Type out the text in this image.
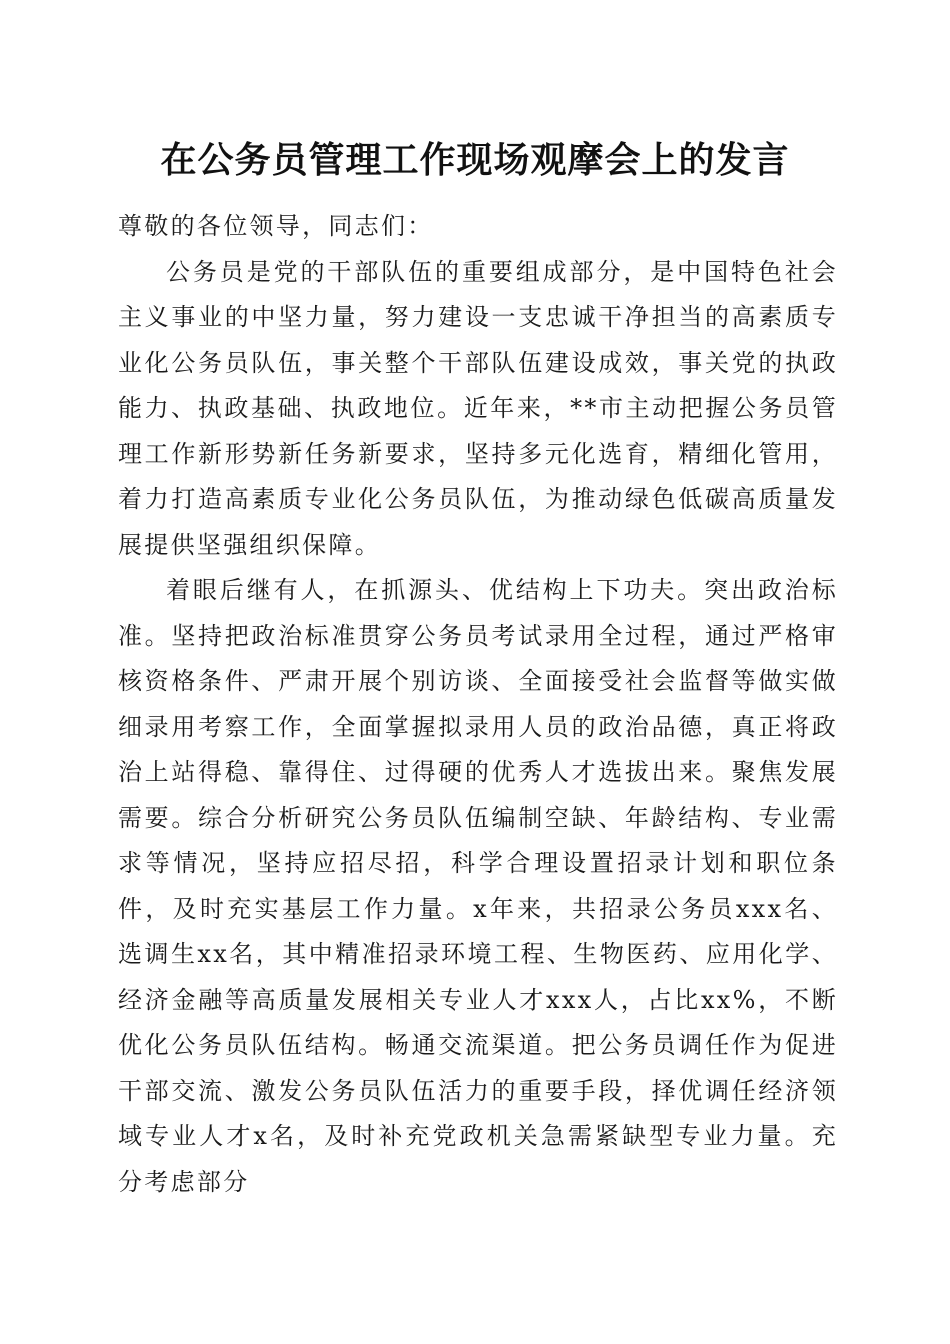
在公务员管理工作现场观摩会上的发言

尊敬的各位领导，同志们：

公务员是党的干部队伍的重要组成部分，是中国特色社会主义事业的中坚力量，努力建设一支忠诚干净担当的高素质专业化公务员队伍，事关整个干部队伍建设成效，事关党的执政能力、执政基础、执政地位。近年来，**市主动把握公务员管理工作新形势新任务新要求，坚持多元化选育，精细化管用，着力打造高素质专业化公务员队伍，为推动绿色低碳高质量发展提供坚强组织保障。

着眼后继有人，在抓源头、优结构上下功夫。突出政治标准。坚持把政治标准贯穿公务员考试录用全过程，通过严格审核资格条件、严肃开展个别访谈、全面接受社会监督等做实做细录用考察工作，全面掌握拟录用人员的政治品德，真正将政治上站得稳、靠得住、过得硬的优秀人才选拔出来。聚焦发展需要。综合分析研究公务员队伍编制空缺、年龄结构、专业需求等情况，坚持应招尽招，科学合理设置招录计划和职位条件，及时充实基层工作力量。x年来，共招录公务员xxx名、选调生xx名，其中精准招录环境工程、生物医药、应用化学、经济金融等高质量发展相关专业人才xxx人，占比xx%，不断优化公务员队伍结构。畅通交流渠道。把公务员调任作为促进干部交流、激发公务员队伍活力的重要手段，择优调任经济领域专业人才x名，及时补充党政机关急需紧缺型专业力量。充分考虑部分
